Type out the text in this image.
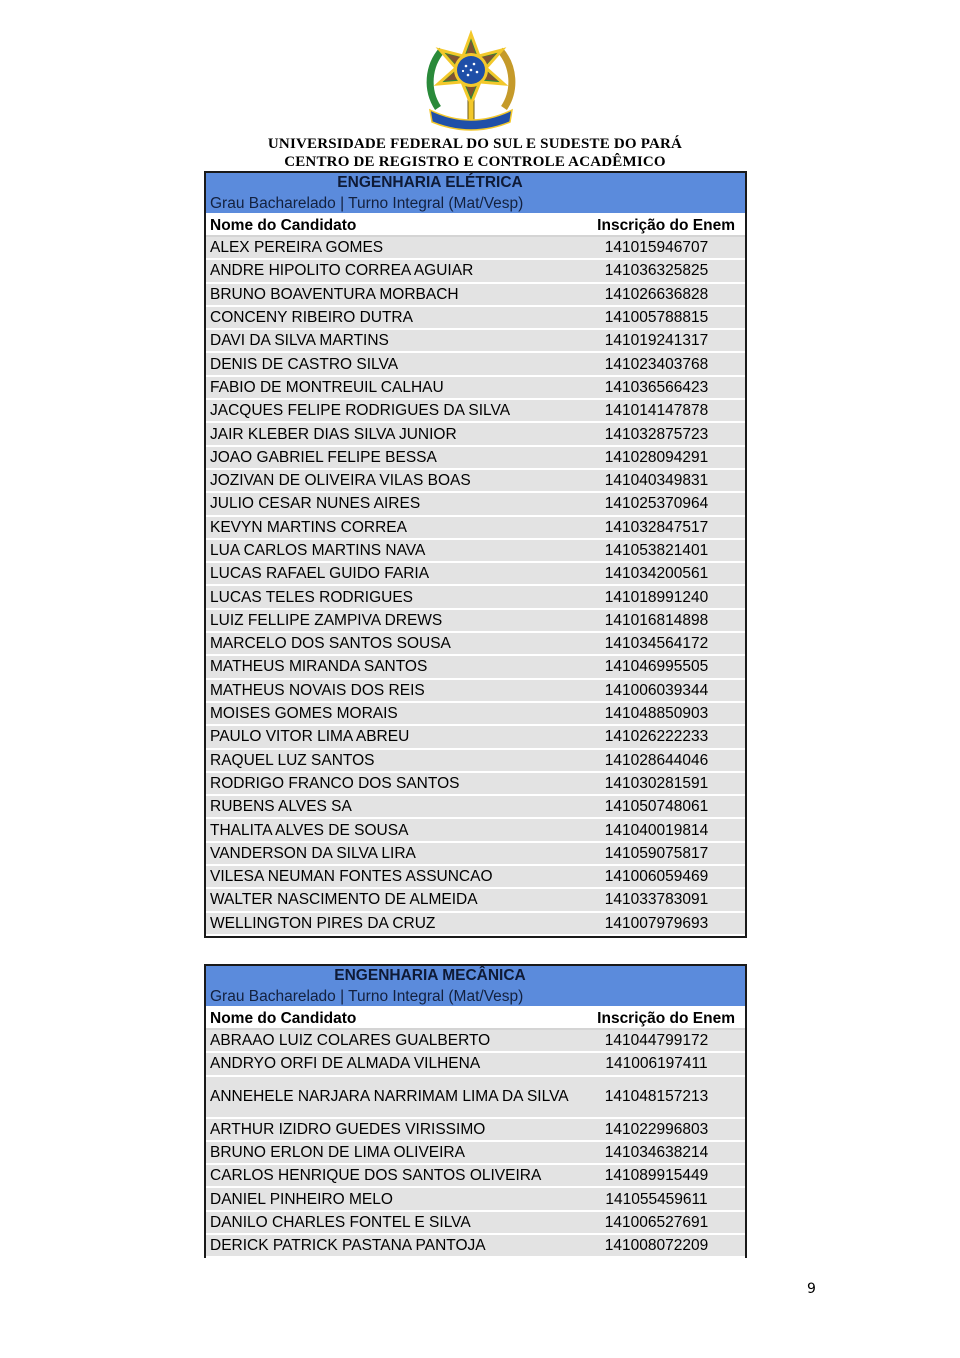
UNIVERSIDADE FEDERAL DO SUL E SUDESTE DO PARÁ
CENTRO DE REGISTRO E CONTROLE ACADÊMICO
ENGENHARIA ELÉTRICA	
Grau Bacharelado | Turno Integral (Mat/Vesp)	
Nome do Candidato	Inscrição do Enem
ALEX PEREIRA GOMES	141015946707
ANDRE HIPOLITO CORREA AGUIAR	141036325825
BRUNO BOAVENTURA MORBACH	141026636828
CONCENY RIBEIRO DUTRA	141005788815
DAVI DA SILVA MARTINS	141019241317
DENIS DE CASTRO SILVA	141023403768
FABIO DE MONTREUIL CALHAU	141036566423
JACQUES FELIPE RODRIGUES DA SILVA	141014147878
JAIR KLEBER DIAS SILVA JUNIOR	141032875723
JOAO GABRIEL FELIPE BESSA	141028094291
JOZIVAN DE OLIVEIRA VILAS BOAS	141040349831
JULIO CESAR NUNES AIRES	141025370964
KEVYN MARTINS CORREA	141032847517
LUA CARLOS MARTINS NAVA	141053821401
LUCAS RAFAEL GUIDO FARIA	141034200561
LUCAS TELES RODRIGUES	141018991240
LUIZ FELLIPE ZAMPIVA DREWS	141016814898
MARCELO DOS SANTOS SOUSA	141034564172
MATHEUS MIRANDA SANTOS	141046995505
MATHEUS NOVAIS DOS REIS	141006039344
MOISES GOMES MORAIS	141048850903
PAULO VITOR LIMA ABREU	141026222233
RAQUEL LUZ SANTOS	141028644046
RODRIGO FRANCO DOS SANTOS	141030281591
RUBENS ALVES SA	141050748061
THALITA ALVES DE SOUSA	141040019814
VANDERSON DA SILVA LIRA	141059075817
VILESA NEUMAN FONTES ASSUNCAO	141006059469
WALTER NASCIMENTO DE ALMEIDA	141033783091
WELLINGTON PIRES DA CRUZ	141007979693
ENGENHARIA MECÂNICA	
Grau Bacharelado | Turno Integral (Mat/Vesp)	
Nome do Candidato	Inscrição do Enem
ABRAAO LUIZ COLARES GUALBERTO	141044799172
ANDRYO ORFI DE ALMADA VILHENA	141006197411
ANNEHELE NARJARA NARRIMAM LIMA DA SILVA	141048157213
ARTHUR IZIDRO GUEDES VIRISSIMO	141022996803
BRUNO ERLON DE LIMA OLIVEIRA	141034638214
CARLOS HENRIQUE DOS SANTOS OLIVEIRA	141089915449
DANIEL PINHEIRO MELO	141055459611
DANILO CHARLES FONTEL E SILVA	141006527691
DERICK PATRICK PASTANA PANTOJA	141008072209
9
